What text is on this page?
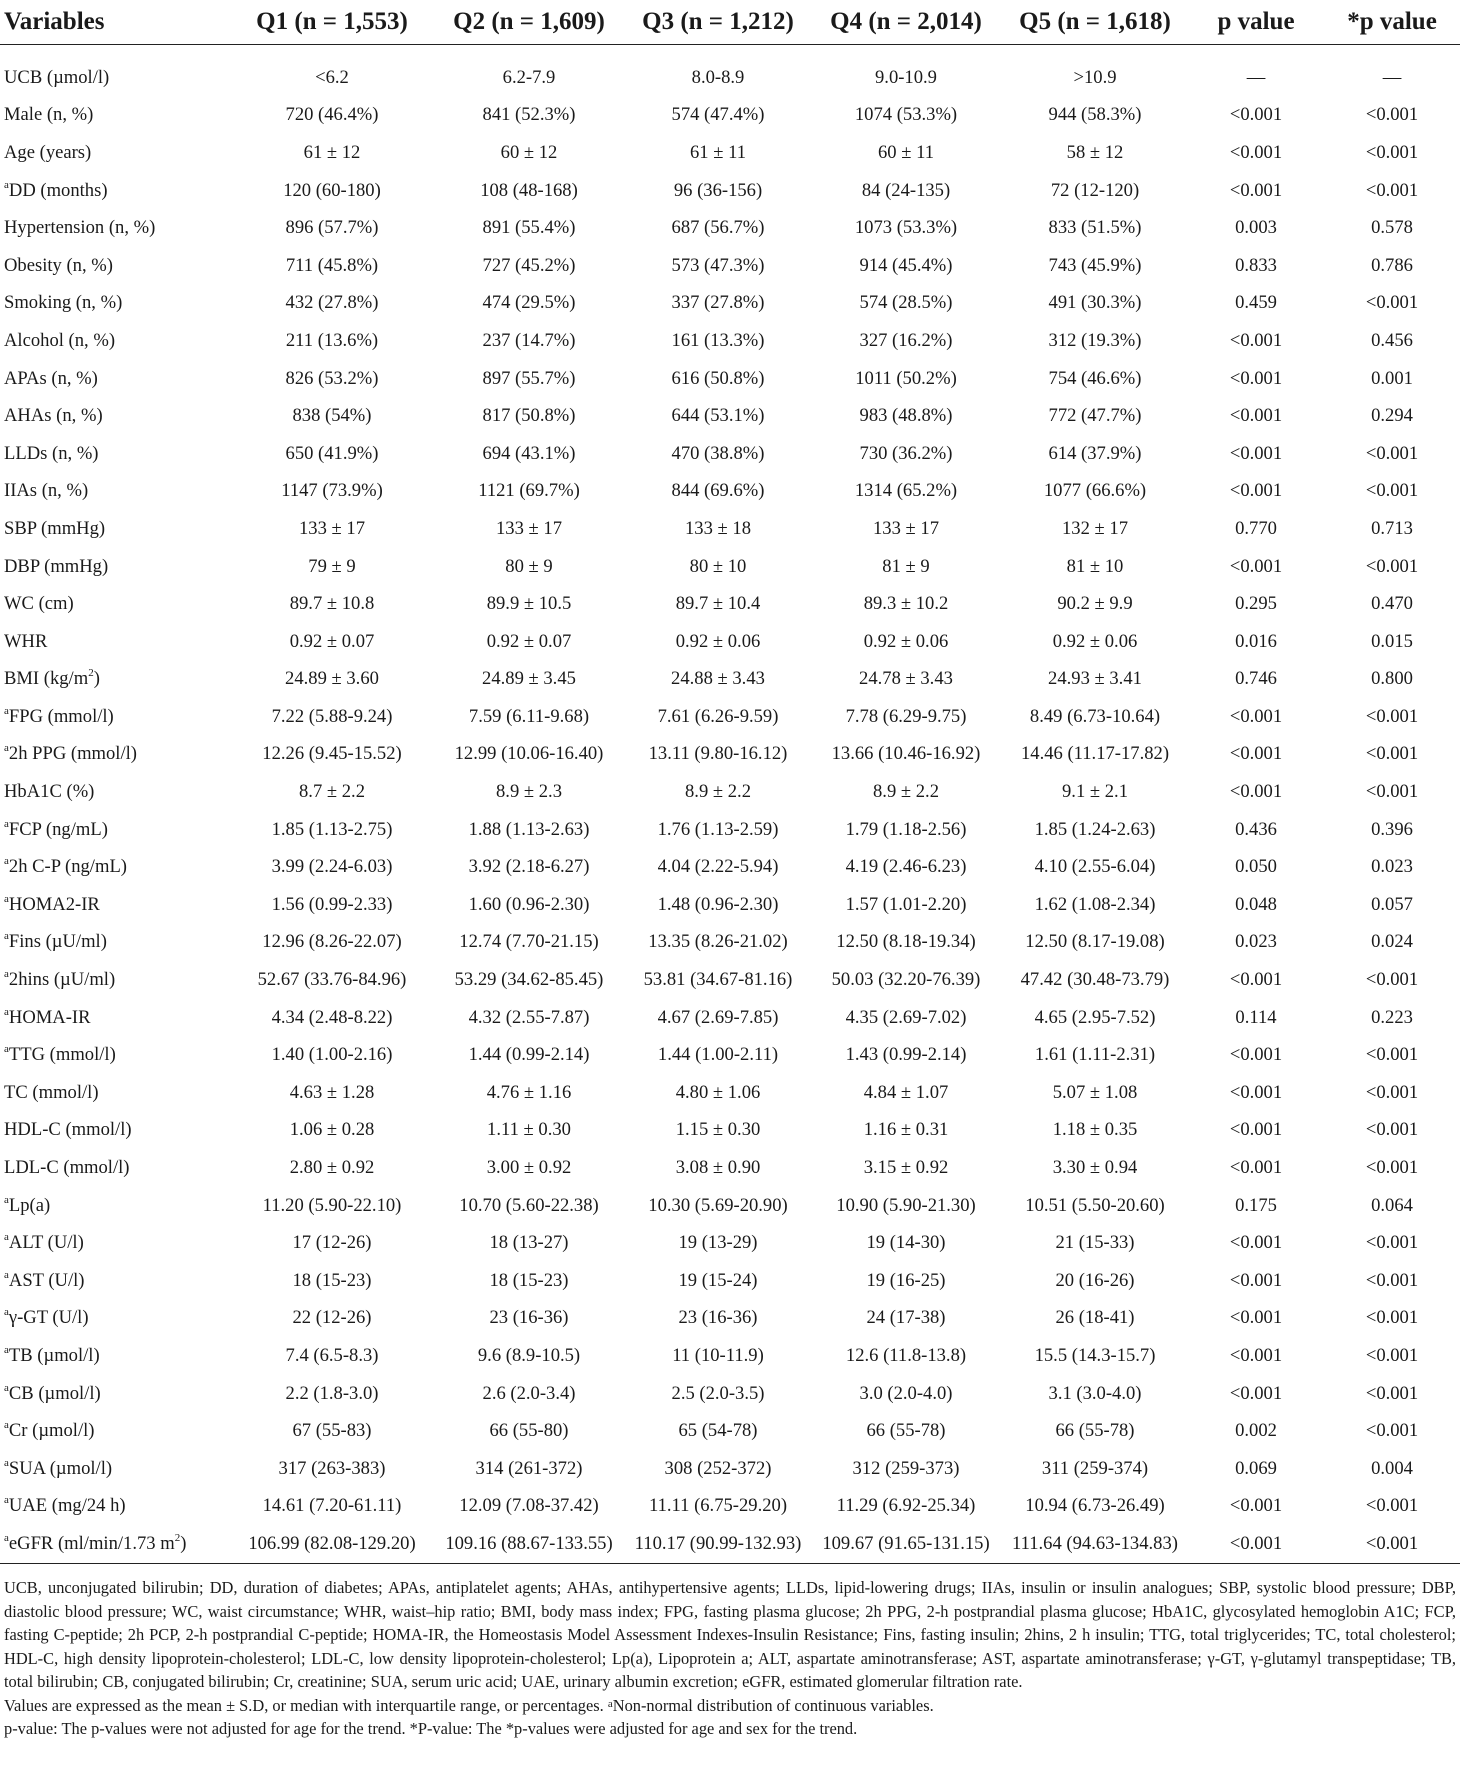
Variables	Q1 (n = 1,553)	Q2 (n = 1,609)	Q3 (n = 1,212)	Q4 (n = 2,014)	Q5 (n = 1,618)	p value	*p value

UCB (µmol/l)	<6.2	6.2-7.9	8.0-8.9	9.0-10.9	>10.9	—	—
Male (n, %)	720 (46.4%)	841 (52.3%)	574 (47.4%)	1074 (53.3%)	944 (58.3%)	<0.001	<0.001
Age (years)	61 ± 12	60 ± 12	61 ± 11	60 ± 11	58 ± 12	<0.001	<0.001
$^a$DD (months)	120 (60-180)	108 (48-168)	96 (36-156)	84 (24-135)	72 (12-120)	<0.001	<0.001
Hypertension (n, %)	896 (57.7%)	891 (55.4%)	687 (56.7%)	1073 (53.3%)	833 (51.5%)	0.003	0.578
Obesity (n, %)	711 (45.8%)	727 (45.2%)	573 (47.3%)	914 (45.4%)	743 (45.9%)	0.833	0.786
Smoking (n, %)	432 (27.8%)	474 (29.5%)	337 (27.8%)	574 (28.5%)	491 (30.3%)	0.459	<0.001
Alcohol (n, %)	211 (13.6%)	237 (14.7%)	161 (13.3%)	327 (16.2%)	312 (19.3%)	<0.001	0.456
APAs (n, %)	826 (53.2%)	897 (55.7%)	616 (50.8%)	1011 (50.2%)	754 (46.6%)	<0.001	0.001
AHAs (n, %)	838 (54%)	817 (50.8%)	644 (53.1%)	983 (48.8%)	772 (47.7%)	<0.001	0.294
LLDs (n, %)	650 (41.9%)	694 (43.1%)	470 (38.8%)	730 (36.2%)	614 (37.9%)	<0.001	<0.001
IIAs (n, %)	1147 (73.9%)	1121 (69.7%)	844 (69.6%)	1314 (65.2%)	1077 (66.6%)	<0.001	<0.001
SBP (mmHg)	133 ± 17	133 ± 17	133 ± 18	133 ± 17	132 ± 17	0.770	0.713
DBP (mmHg)	79 ± 9	80 ± 9	80 ± 10	81 ± 9	81 ± 10	<0.001	<0.001
WC (cm)	89.7 ± 10.8	89.9 ± 10.5	89.7 ± 10.4	89.3 ± 10.2	90.2 ± 9.9	0.295	0.470
WHR	0.92 ± 0.07	0.92 ± 0.07	0.92 ± 0.06	0.92 ± 0.06	0.92 ± 0.06	0.016	0.015
BMI $(kg/m^2)$	24.89 ± 3.60	24.89 ± 3.45	24.88 ± 3.43	24.78 ± 3.43	24.93 ± 3.41	0.746	0.800
$^a$FPG (mmol/l)	7.22 (5.88-9.24)	7.59 (6.11-9.68)	7.61 (6.26-9.59)	7.78 (6.29-9.75)	8.49 (6.73-10.64)	<0.001	<0.001
$^a$2h PPG (mmol/l)	12.26 (9.45-15.52)	12.99 (10.06-16.40)	13.11 (9.80-16.12)	13.66 (10.46-16.92)	14.46 (11.17-17.82)	<0.001	<0.001
HbA1C (%)	8.7 ± 2.2	8.9 ± 2.3	8.9 ± 2.2	8.9 ± 2.2	9.1 ± 2.1	<0.001	<0.001
$^a$FCP (ng/mL)	1.85 (1.13-2.75)	1.88 (1.13-2.63)	1.76 (1.13-2.59)	1.79 (1.18-2.56)	1.85 (1.24-2.63)	0.436	0.396
$^a$2h C-P (ng/mL)	3.99 (2.24-6.03)	3.92 (2.18-6.27)	4.04 (2.22-5.94)	4.19 (2.46-6.23)	4.10 (2.55-6.04)	0.050	0.023
$^a$HOMA2-IR	1.56 (0.99-2.33)	1.60 (0.96-2.30)	1.48 (0.96-2.30)	1.57 (1.01-2.20)	1.62 (1.08-2.34)	0.048	0.057
$^a$Fins (µU/ml)	12.96 (8.26-22.07)	12.74 (7.70-21.15)	13.35 (8.26-21.02)	12.50 (8.18-19.34)	12.50 (8.17-19.08)	0.023	0.024
$^a$2hins (µU/ml)	52.67 (33.76-84.96)	53.29 (34.62-85.45)	53.81 (34.67-81.16)	50.03 (32.20-76.39)	47.42 (30.48-73.79)	<0.001	<0.001
$^a$HOMA-IR	4.34 (2.48-8.22)	4.32 (2.55-7.87)	4.67 (2.69-7.85)	4.35 (2.69-7.02)	4.65 (2.95-7.52)	0.114	0.223
$^a$TTG (mmol/l)	1.40 (1.00-2.16)	1.44 (0.99-2.14)	1.44 (1.00-2.11)	1.43 (0.99-2.14)	1.61 (1.11-2.31)	<0.001	<0.001
TC (mmol/l)	4.63 ± 1.28	4.76 ± 1.16	4.80 ± 1.06	4.84 ± 1.07	5.07 ± 1.08	<0.001	<0.001
HDL-C (mmol/l)	1.06 ± 0.28	1.11 ± 0.30	1.15 ± 0.30	1.16 ± 0.31	1.18 ± 0.35	<0.001	<0.001
LDL-C (mmol/l)	2.80 ± 0.92	3.00 ± 0.92	3.08 ± 0.90	3.15 ± 0.92	3.30 ± 0.94	<0.001	<0.001
$^a$Lp(a)	11.20 (5.90-22.10)	10.70 (5.60-22.38)	10.30 (5.69-20.90)	10.90 (5.90-21.30)	10.51 (5.50-20.60)	0.175	0.064
$^a$ALT (U/l)	17 (12-26)	18 (13-27)	19 (13-29)	19 (14-30)	21 (15-33)	<0.001	<0.001
$^a$AST (U/l)	18 (15-23)	18 (15-23)	19 (15-24)	19 (16-25)	20 (16-26)	<0.001	<0.001
$^a$γ-GT (U/l)	22 (12-26)	23 (16-36)	23 (16-36)	24 (17-38)	26 (18-41)	<0.001	<0.001
$^a$TB (µmol/l)	7.4 (6.5-8.3)	9.6 (8.9-10.5)	11 (10-11.9)	12.6 (11.8-13.8)	15.5 (14.3-15.7)	<0.001	<0.001
$^a$CB (µmol/l)	2.2 (1.8-3.0)	2.6 (2.0-3.4)	2.5 (2.0-3.5)	3.0 (2.0-4.0)	3.1 (3.0-4.0)	<0.001	<0.001
$^a$Cr (µmol/l)	67 (55-83)	66 (55-80)	65 (54-78)	66 (55-78)	66 (55-78)	0.002	<0.001
$^a$SUA (µmol/l)	317 (263-383)	314 (261-372)	308 (252-372)	312 (259-373)	311 (259-374)	0.069	0.004
$^a$UAE (mg/24 h)	14.61 (7.20-61.11)	12.09 (7.08-37.42)	11.11 (6.75-29.20)	11.29 (6.92-25.34)	10.94 (6.73-26.49)	<0.001	<0.001
$^a$eGFR (ml/min/1.73 $m^2$)	106.99 (82.08-129.20)	109.16 (88.67-133.55)	110.17 (90.99-132.93)	109.67 (91.65-131.15)	111.64 (94.63-134.83)	<0.001	<0.001

UCB, unconjugated bilirubin; DD, duration of diabetes; APAs, antiplatelet agents; AHAs, antihypertensive agents; LLDs, lipid-lowering drugs; IIAs, insulin or insulin analogues; SBP, systolic blood pressure; DBP, diastolic blood pressure; WC, waist circumstance; WHR, waist–hip ratio; BMI, body mass index; FPG, fasting plasma glucose; 2h PPG, 2-h postprandial plasma glucose; HbA1C, glycosylated hemoglobin A1C; FCP, fasting C-peptide; 2h PCP, 2-h postprandial C-peptide; HOMA-IR, the Homeostasis Model Assessment Indexes-Insulin Resistance; Fins, fasting insulin; 2hins, 2 h insulin; TTG, total triglycerides; TC, total cholesterol; HDL-C, high density lipoprotein-cholesterol; LDL-C, low density lipoprotein-cholesterol; Lp(a), Lipoprotein a; ALT, aspartate aminotransferase; AST, aspartate aminotransferase; γ-GT, γ-glutamyl transpeptidase; TB, total bilirubin; CB, conjugated bilirubin; Cr, creatinine; SUA, serum uric acid; UAE, urinary albumin excretion; eGFR, estimated glomerular filtration rate.

Values are expressed as the mean ± S.D, or median with interquartile range, or percentages. $^a$Non-normal distribution of continuous variables.

p-value: The p-values were not adjusted for age for the trend. *P-value: The *p-values were adjusted for age and sex for the trend.
